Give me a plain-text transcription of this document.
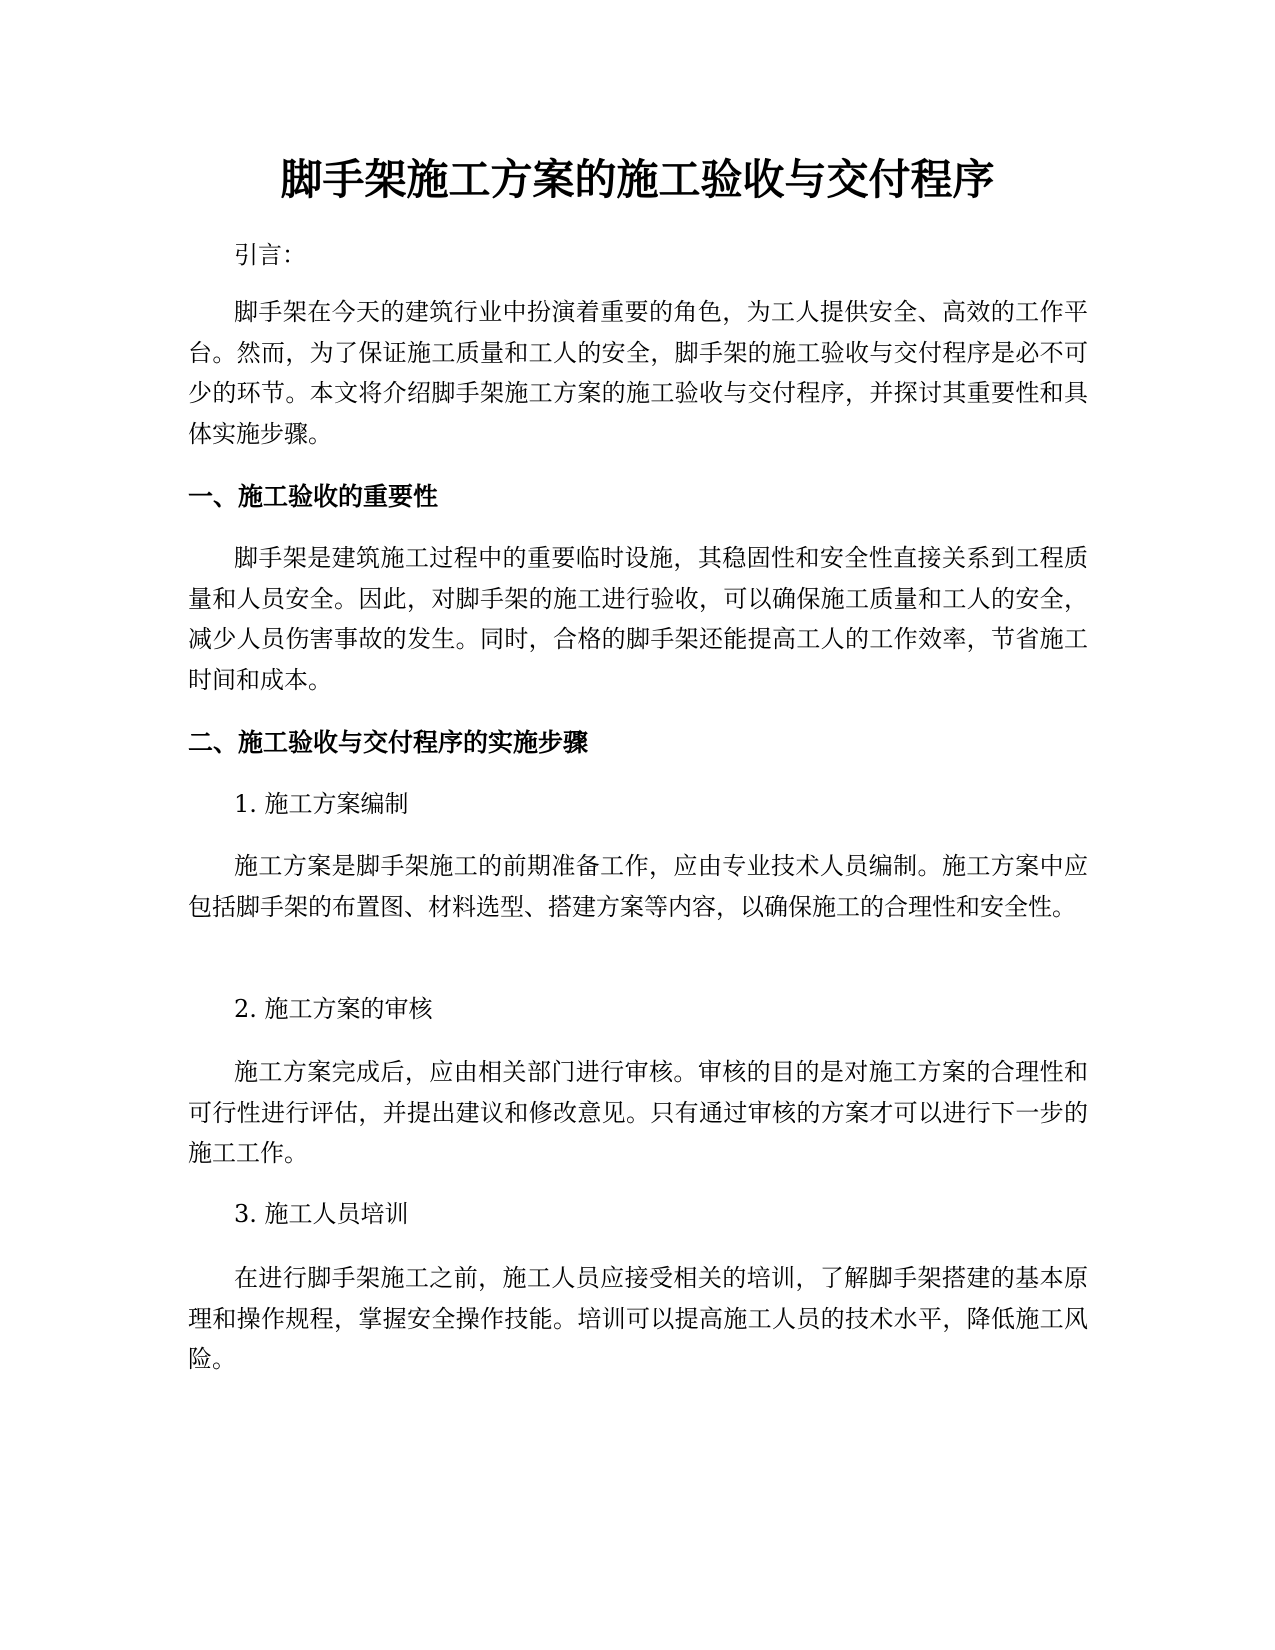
脚手架施工方案的施工验收与交付程序

引言：

脚手架在今天的建筑行业中扮演着重要的角色，为工人提供安全、高效的工作平台。然而，为了保证施工质量和工人的安全，脚手架的施工验收与交付程序是必不可少的环节。本文将介绍脚手架施工方案的施工验收与交付程序，并探讨其重要性和具体实施步骤。

一、施工验收的重要性

脚手架是建筑施工过程中的重要临时设施，其稳固性和安全性直接关系到工程质量和人员安全。因此，对脚手架的施工进行验收，可以确保施工质量和工人的安全，减少人员伤害事故的发生。同时，合格的脚手架还能提高工人的工作效率，节省施工时间和成本。

二、施工验收与交付程序的实施步骤

1. 施工方案编制

施工方案是脚手架施工的前期准备工作，应由专业技术人员编制。施工方案中应包括脚手架的布置图、材料选型、搭建方案等内容，以确保施工的合理性和安全性。

2. 施工方案的审核

施工方案完成后，应由相关部门进行审核。审核的目的是对施工方案的合理性和可行性进行评估，并提出建议和修改意见。只有通过审核的方案才可以进行下一步的施工工作。

3. 施工人员培训

在进行脚手架施工之前，施工人员应接受相关的培训，了解脚手架搭建的基本原理和操作规程，掌握安全操作技能。培训可以提高施工人员的技术水平，降低施工风险。
